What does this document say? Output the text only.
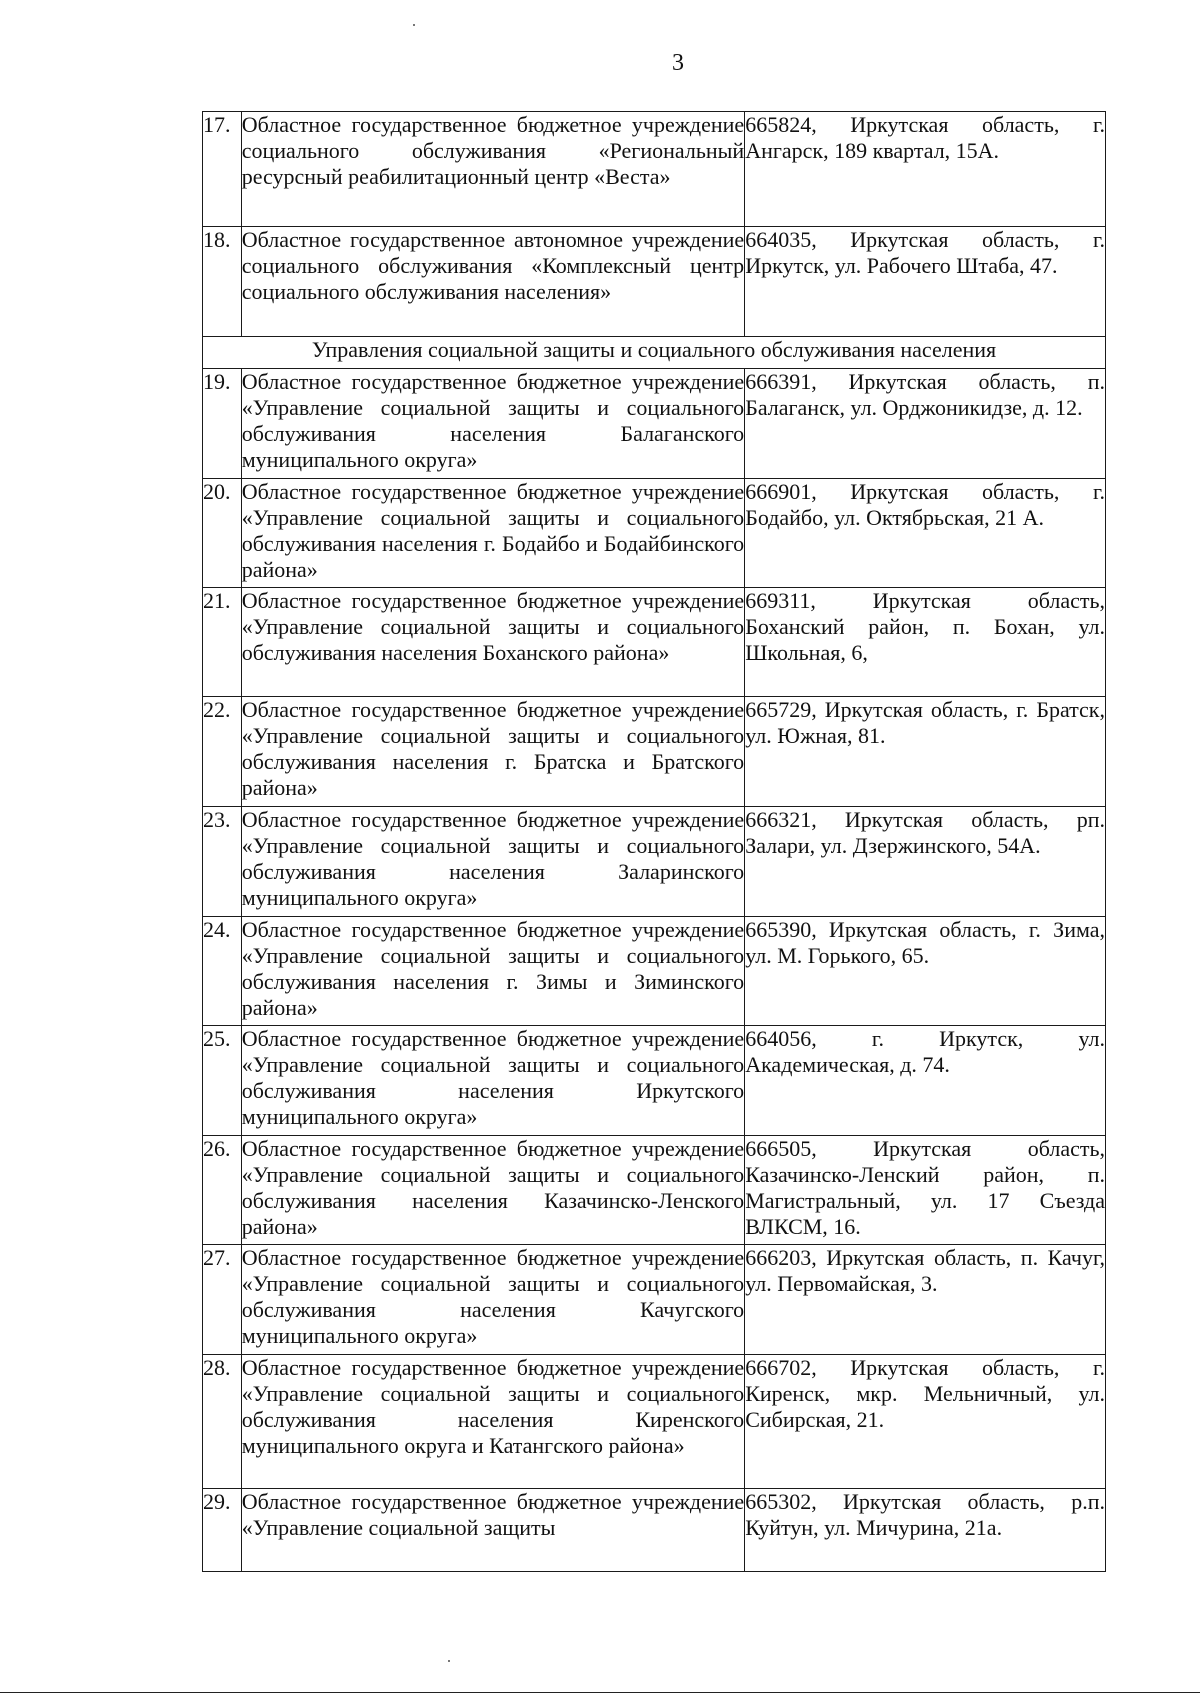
3
17.	Областное государственное бюджетное учреждение социального обслуживания «Региональный ресурсный реабилитационный центр «Веста»	665824, Иркутская область, г. Ангарск, 189 квартал, 15А.
18.	Областное государственное автономное учреждение социального обслуживания «Комплексный центр социального обслуживания населения»	664035, Иркутская область, г. Иркутск, ул. Рабочего Штаба, 47.
Управления социальной защиты и социального обслуживания населения		
19.	Областное государственное бюджетное учреждение «Управление социальной защиты и социального обслуживания населения Балаганского муниципального округа»	666391, Иркутская область, п. Балаганск, ул. Орджоникидзе, д. 12.
20.	Областное государственное бюджетное учреждение «Управление социальной защиты и социального обслуживания населения г. Бодайбо и Бодайбинского района»	666901, Иркутская область, г. Бодайбо, ул. Октябрьская, 21 А.
21.	Областное государственное бюджетное учреждение «Управление социальной защиты и социального обслуживания населения Боханского района»	669311, Иркутская область, Боханский район, п. Бохан, ул. Школьная, 6,
22.	Областное государственное бюджетное учреждение «Управление социальной защиты и социального обслуживания населения г. Братска и Братского района»	665729, Иркутская область, г. Братск, ул. Южная, 81.
23.	Областное государственное бюджетное учреждение «Управление социальной защиты и социального обслуживания населения Заларинского муниципального округа»	666321, Иркутская область, рп. Залари, ул. Дзержинского, 54А.
24.	Областное государственное бюджетное учреждение «Управление социальной защиты и социального обслуживания населения г. Зимы и Зиминского района»	665390, Иркутская область, г. Зима, ул. М. Горького, 65.
25.	Областное государственное бюджетное учреждение «Управление социальной защиты и социального обслуживания населения Иркутского муниципального округа»	664056, г. Иркутск, ул. Академическая, д. 74.
26.	Областное государственное бюджетное учреждение «Управление социальной защиты и социального обслуживания населения Казачинско-Ленского района»	666505, Иркутская область, Казачинско-Ленский район, п. Магистральный, ул. 17 Съезда ВЛКСМ, 16.
27.	Областное государственное бюджетное учреждение «Управление социальной защиты и социального обслуживания населения Качугского муниципального округа»	666203, Иркутская область, п. Качуг, ул. Первомайская, 3.
28.	Областное государственное бюджетное учреждение «Управление социальной защиты и социального обслуживания населения Киренского муниципального округа и Катангского района»	666702, Иркутская область, г. Киренск, мкр. Мельничный, ул. Сибирская, 21.
29.	Областное государственное бюджетное учреждение «Управление социальной защиты	665302, Иркутская область, р.п. Куйтун, ул. Мичурина, 21а.
